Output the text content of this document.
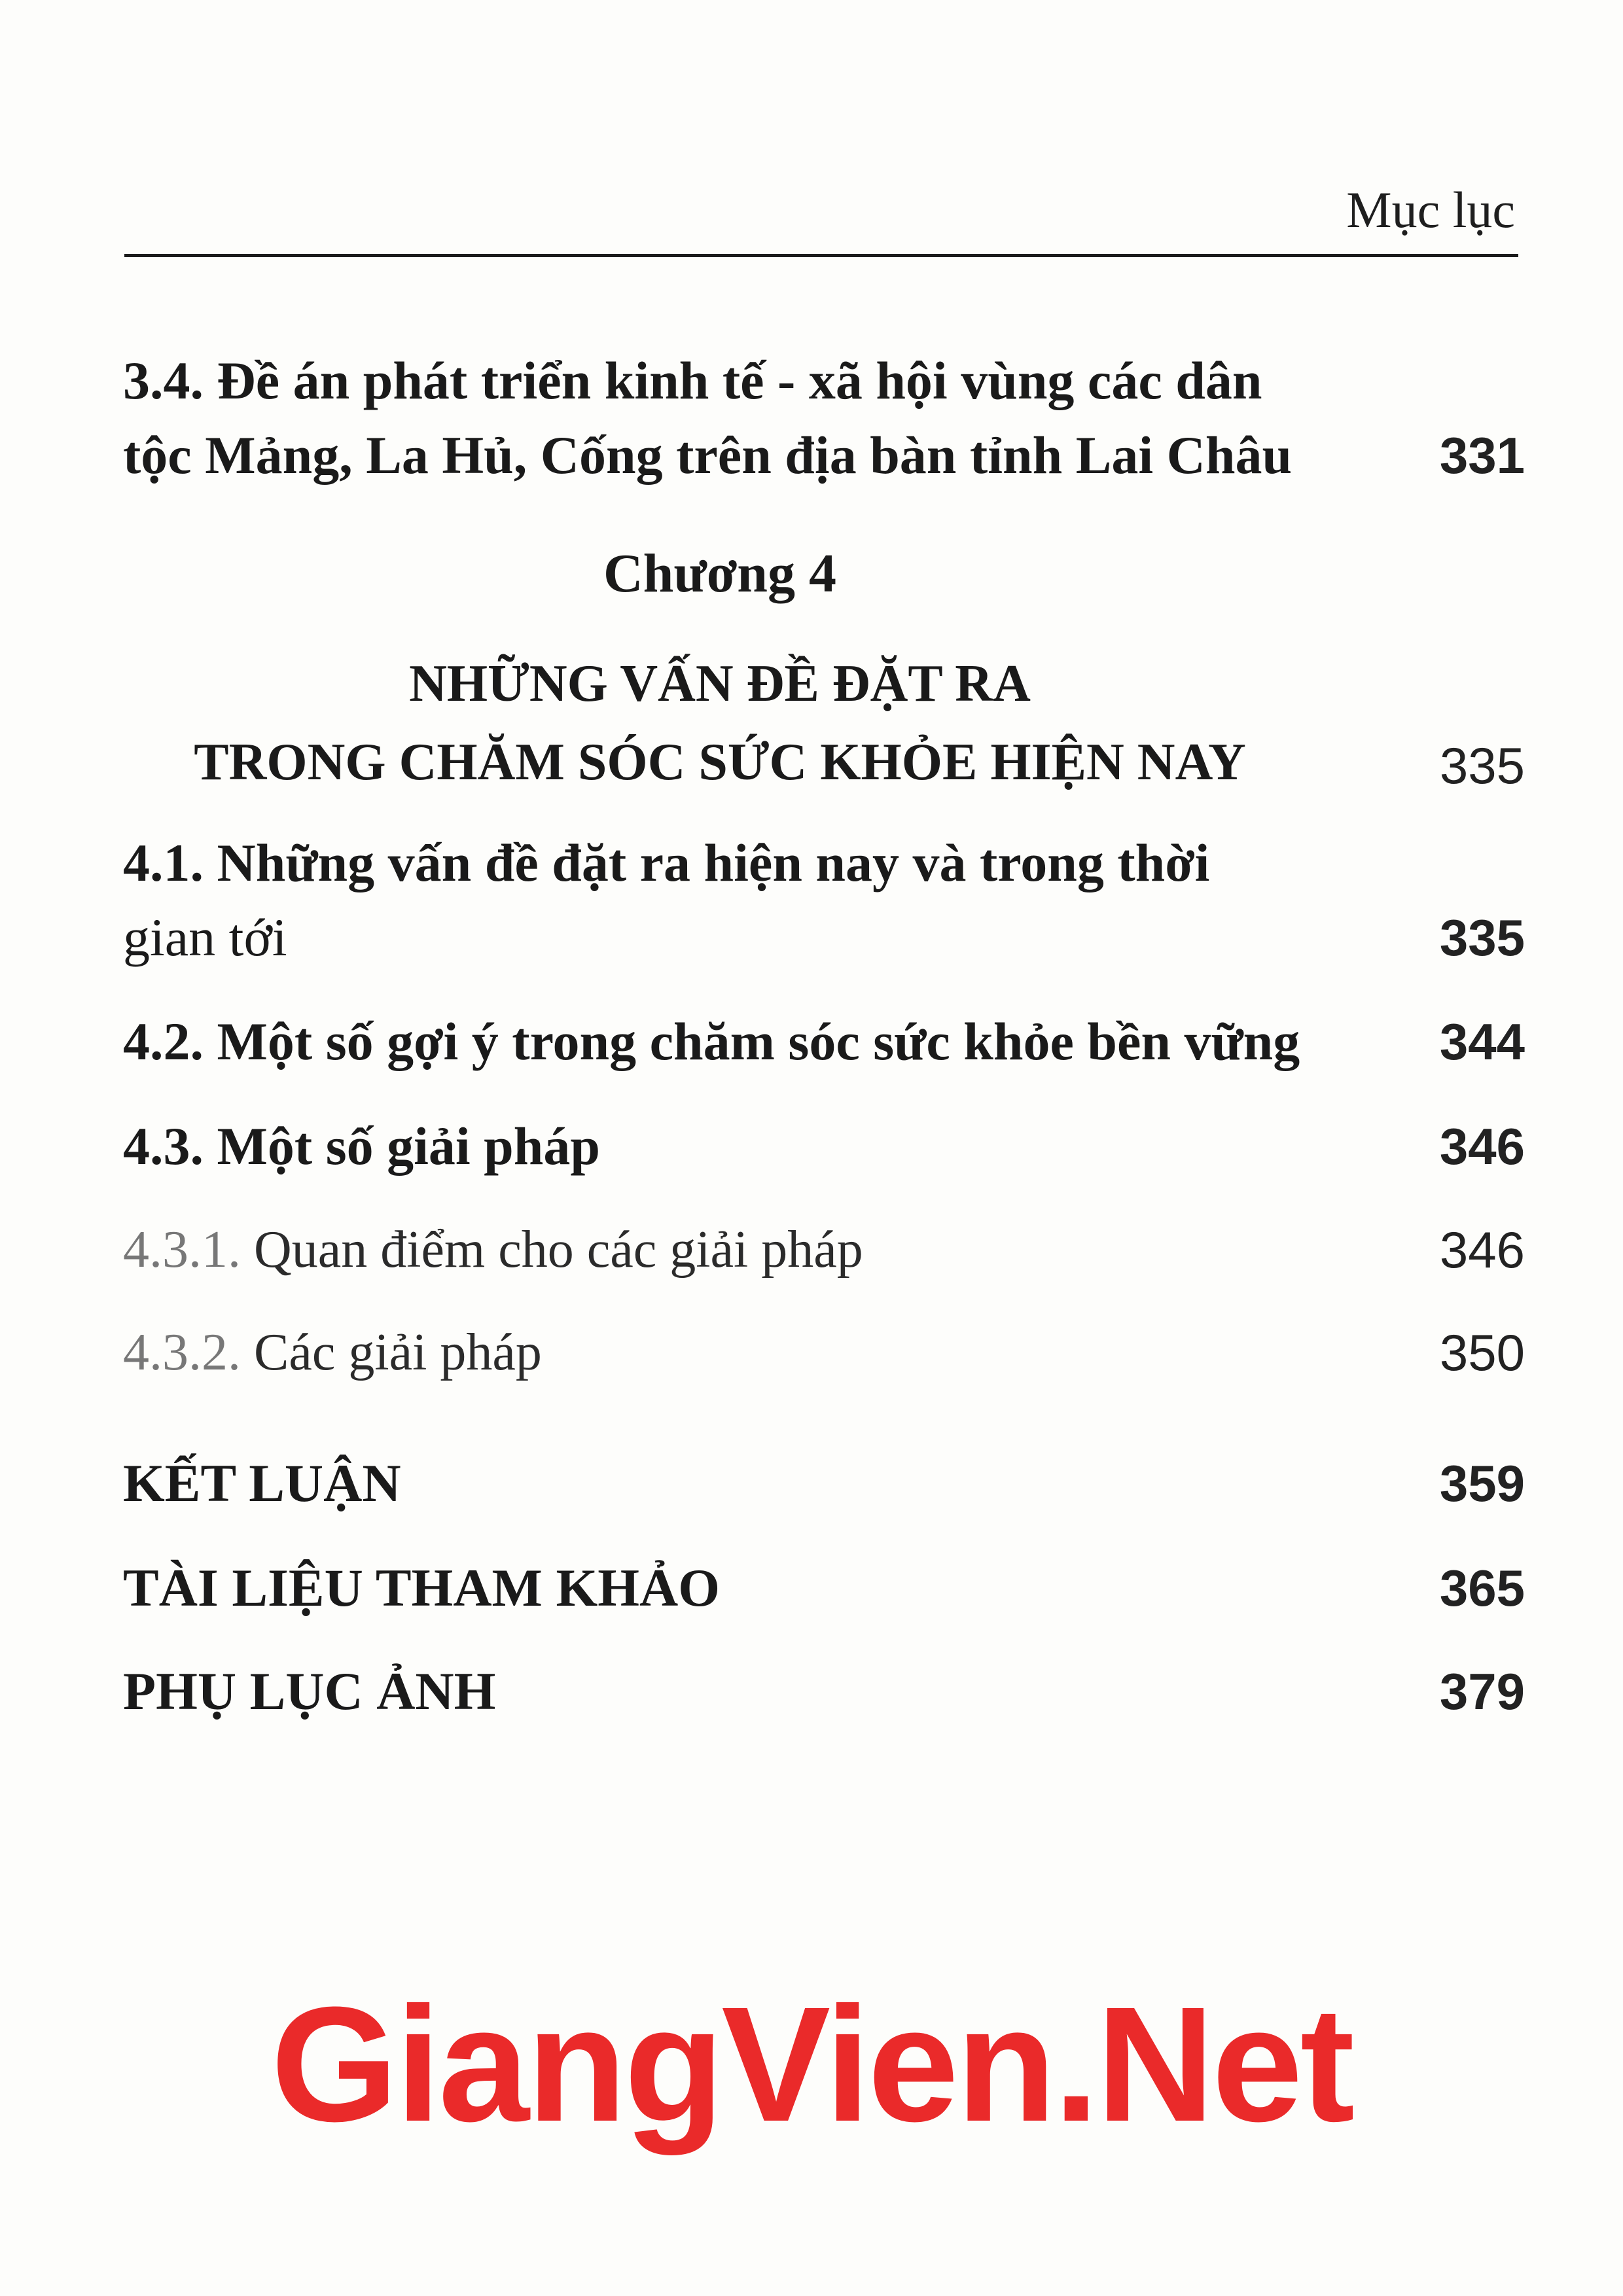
Mục lục
3.4. Đề án phát triển kinh tế - xã hội vùng các dân
tộc Mảng, La Hủ, Cống trên địa bàn tỉnh Lai Châu	331
Chương 4
NHỮNG VẤN ĐỀ ĐẶT RA
TRONG CHĂM SÓC SỨC KHỎE HIỆN NAY	335
4.1. Những vấn đề đặt ra hiện nay và trong thời
gian tới	335
4.2. Một số gợi ý trong chăm sóc sức khỏe bền vững	344
4.3. Một số giải pháp	346
4.3.1. Quan điểm cho các giải pháp	346
4.3.2. Các giải pháp	350
KẾT LUẬN	359
TÀI LIỆU THAM KHẢO	365
PHỤ LỤC ẢNH	379
GiangVien.Net
